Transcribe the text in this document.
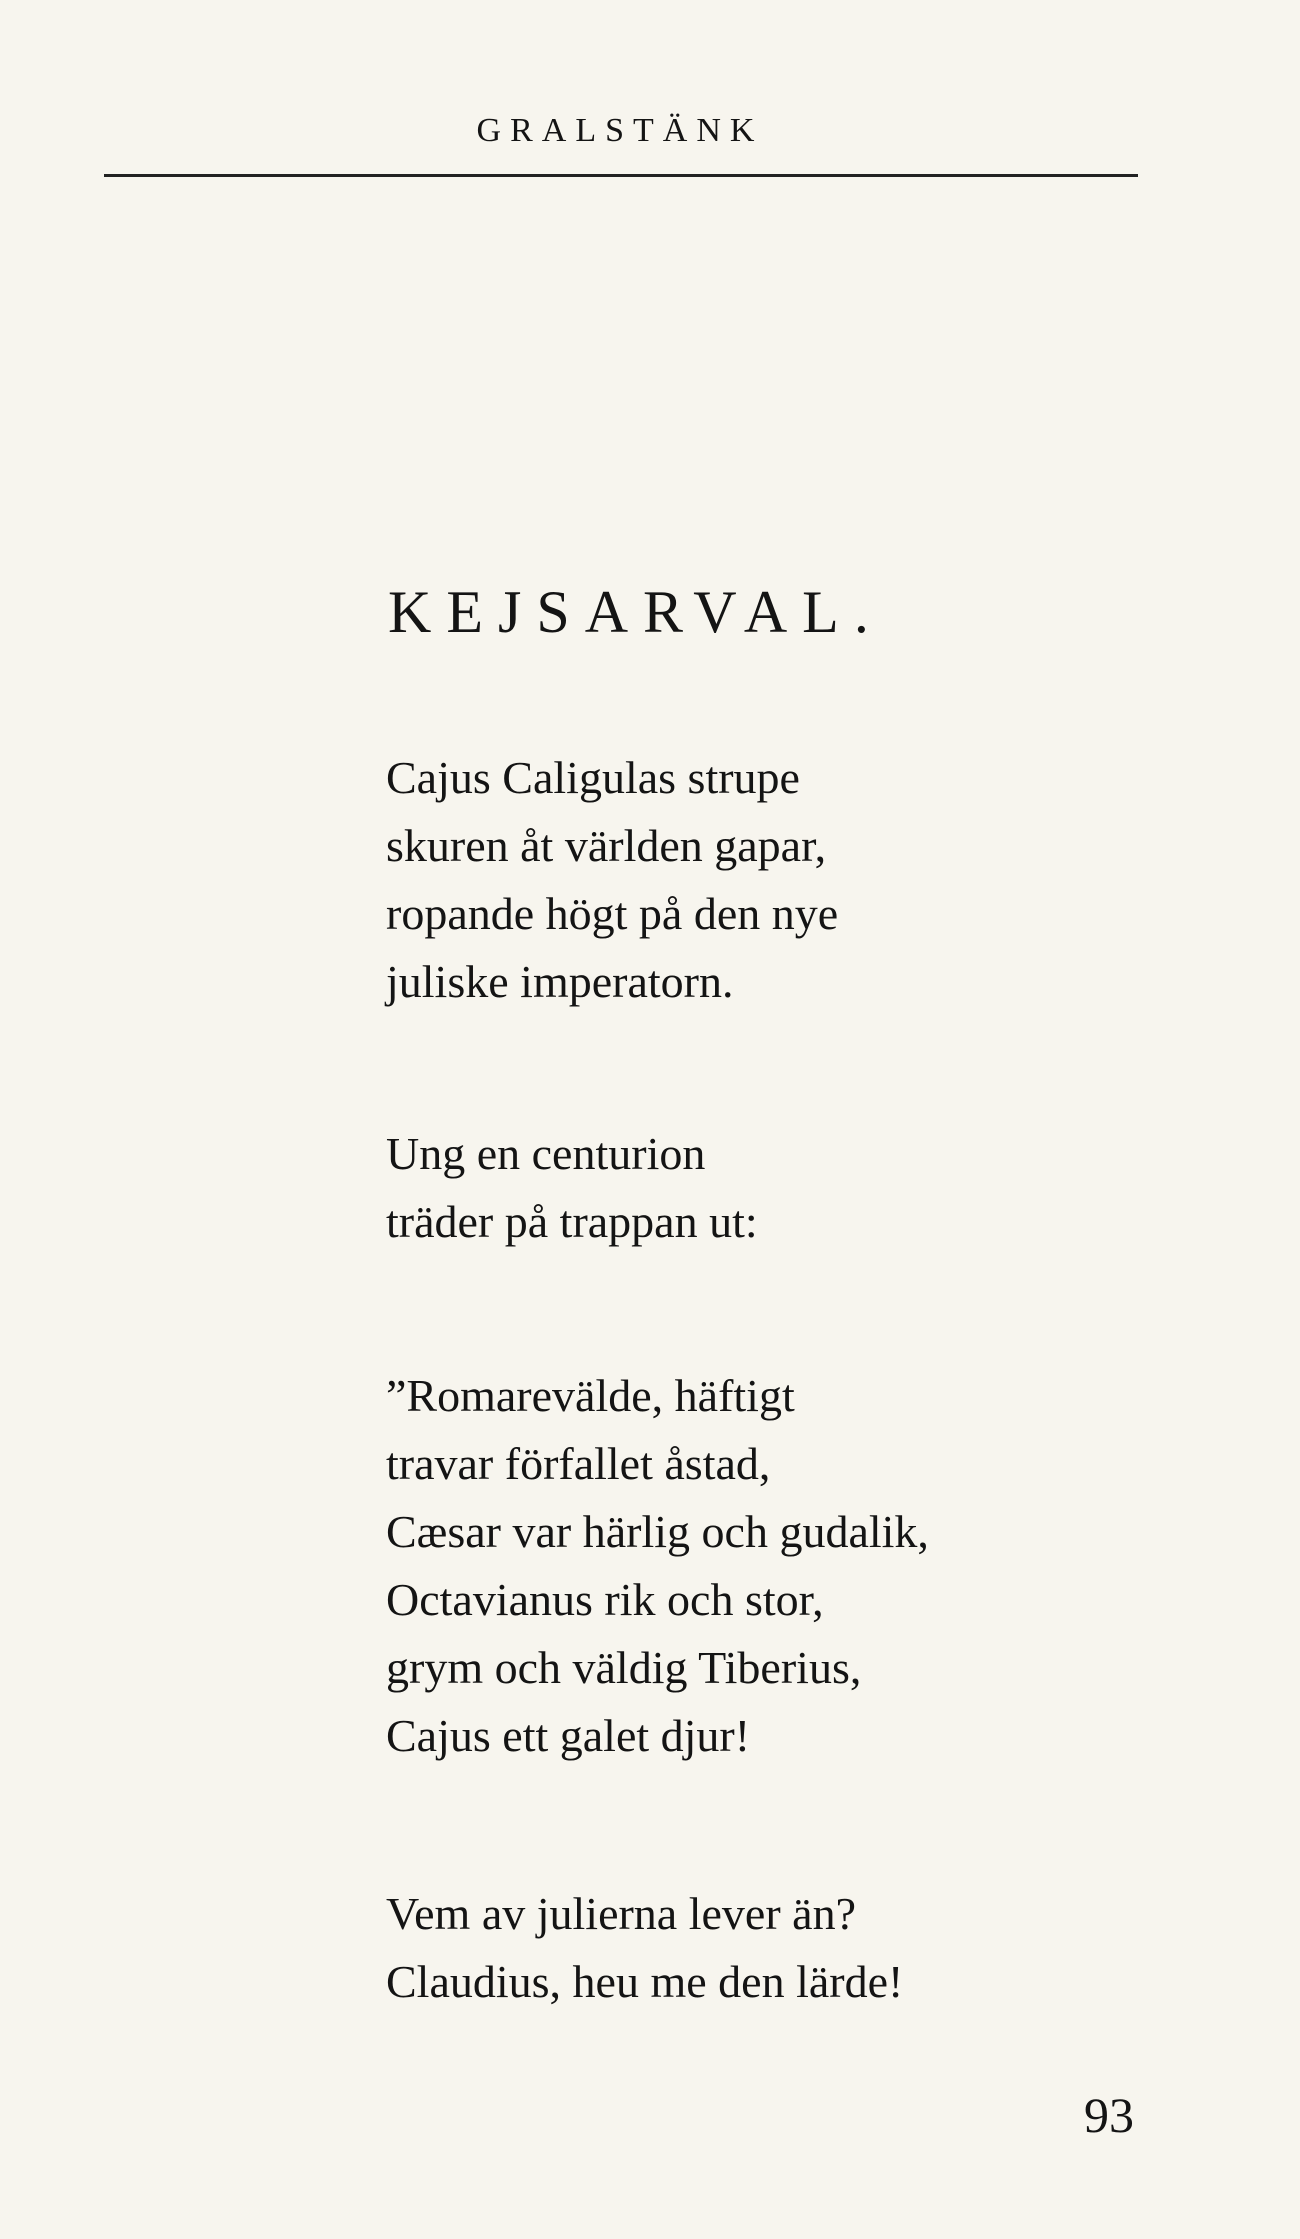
GRALSTÄNK
KEJSARVAL.
Cajus Caligulas strupe
skuren åt världen gapar,
ropande högt på den nye
juliske imperatorn.
Ung en centurion
träder på trappan ut:
”Romarevälde, häftigt
travar förfallet åstad,
Cæsar var härlig och gudalik,
Octavianus rik och stor,
grym och väldig Tiberius,
Cajus ett galet djur!
Vem av julierna lever än?
Claudius, heu me den lärde!
93
